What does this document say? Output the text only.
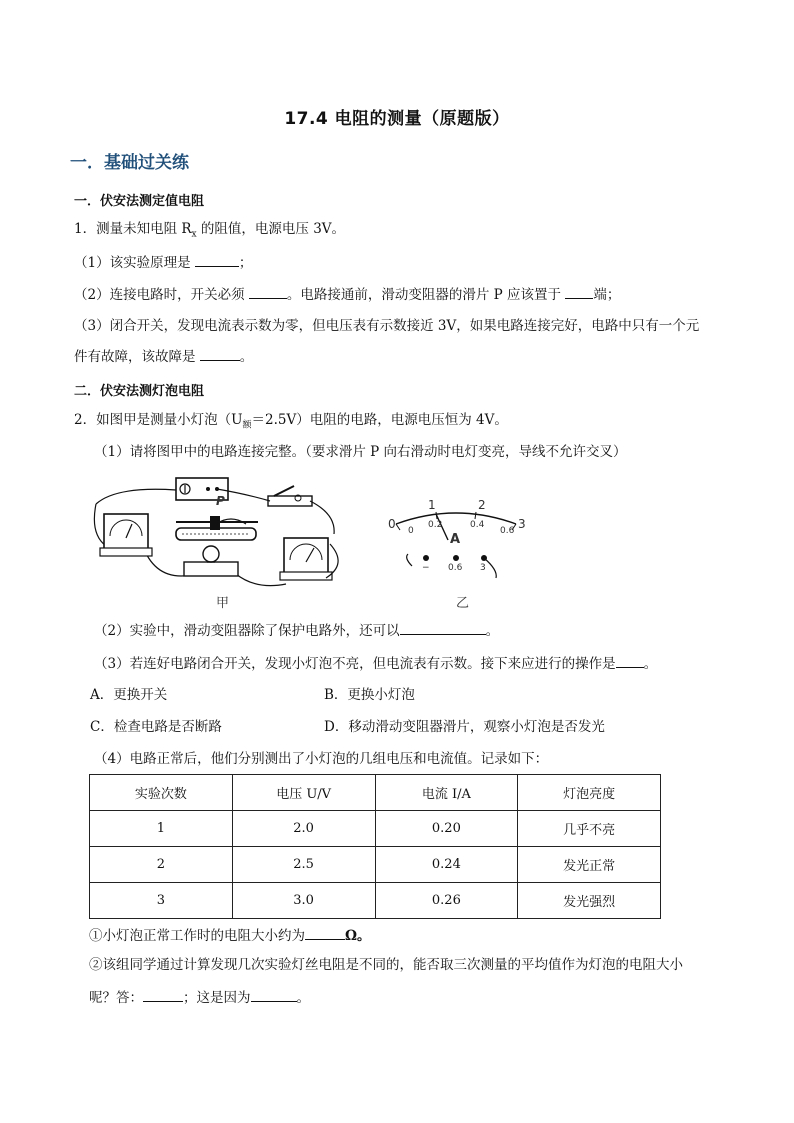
17.4 电阻的测量（原题版）
一．基础过关练
一．伏安法测定值电阻
1．测量未知电阻 $R_x$ 的阻值，电源电压 3V。
（1）该实验原理是	；
（2）连接电路时，开关必须	。电路接通前，滑动变阻器的滑片 P 应该置于 端；
（3）闭合开关，发现电流表示数为零，但电压表有示数接近 3V，如果电路连接完好，电路中只有一个元
件有故障，该故障是	。
二．伏安法测灯泡电阻
2．如图甲是测量小灯泡$(U_额=2.5V)$电阻的电路，电源电压恒为 4V。
（1）请将图甲中的电路连接完整。（要求滑片 P 向右滑动时电灯变亮，导线不允许交叉）
P
0
1	2
3
0
0.2	0.4
0.6
A
− 0.6 3
甲	乙
（2）实验中，滑动变阻器除了保护电路外，还可以	。
（3）若连好电路闭合开关，发现小灯泡不亮，但电流表有示数。接下来应进行的操作是 。
A．更换开关	B．更换小灯泡
C．检查电路是否断路	D．移动滑动变阻器滑片，观察小灯泡是否发光
（4）电路正常后，他们分别测出了小灯泡的几组电压和电流值。记录如下：
实验次数	电压 U/V	电流 I/A	灯泡亮度
1	2.0	0.20	几乎不亮
2	2.5	0.24	发光正常
3	3.0	0.26	发光强烈
①小灯泡正常工作时的电阻大小约为	Ω。
②该组同学通过计算发现几次实验灯丝电阻是不同的，能否取三次测量的平均值作为灯泡的电阻大小
呢？答：	；这是因为	。
